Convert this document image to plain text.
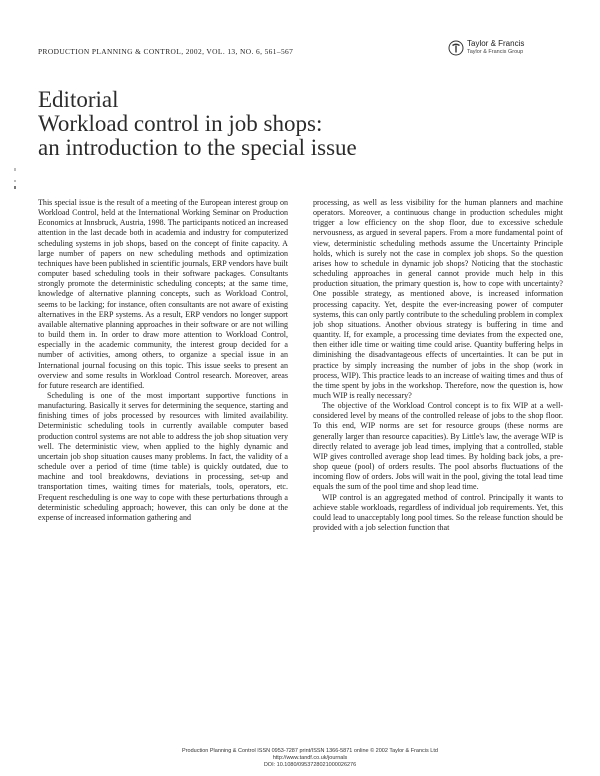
PRODUCTION PLANNING & CONTROL, 2002, VOL. 13, NO. 6, 561–567
Taylor & Francis
Taylor & Francis Group
Editorial
Workload control in job shops:
an introduction to the special issue

This special issue is the result of a meeting of the European interest group on Workload Control, held at the International Working Seminar on Production Economics at Innsbruck, Austria, 1998. The participants noticed an increased attention in the last decade both in academia and industry for computerized scheduling systems in job shops, based on the concept of finite capacity. A large number of papers on new scheduling methods and optimization techniques have been published in scientific journals, ERP vendors have built computer based scheduling tools in their software packages. Consultants strongly promote the deterministic scheduling concepts; at the same time, knowledge of alternative planning concepts, such as Workload Control, seems to be lacking; for instance, often consultants are not aware of existing alternatives in the ERP systems. As a result, ERP vendors no longer support available alternative planning approaches in their software or are not willing to build them in. In order to draw more attention to Workload Control, especially in the academic community, the interest group decided for a number of activities, among others, to organize a special issue in an International journal focusing on this topic. This issue seeks to present an overview and some results in Workload Control research. Moreover, areas for future research are identified.

Scheduling is one of the most important supportive functions in manufacturing. Basically it serves for determining the sequence, starting and finishing times of jobs processed by resources with limited availability. Deterministic scheduling tools in currently available computer based production control systems are not able to address the job shop situation very well. The deterministic view, when applied to the highly dynamic and uncertain job shop situation causes many problems. In fact, the validity of a schedule over a period of time (time table) is quickly outdated, due to machine and tool breakdowns, deviations in processing, set-up and transportation times, waiting times for materials, tools, operators, etc. Frequent rescheduling is one way to cope with these perturbations through a deterministic scheduling approach; however, this can only be done at the expense of increased information gathering and

processing, as well as less visibility for the human planners and machine operators. Moreover, a continuous change in production schedules might trigger a low efficiency on the shop floor, due to excessive schedule nervousness, as argued in several papers. From a more fundamental point of view, deterministic scheduling methods assume the Uncertainty Principle holds, which is surely not the case in complex job shops. So the question arises how to schedule in dynamic job shops? Noticing that the stochastic scheduling approaches in general cannot provide much help in this production situation, the primary question is, how to cope with uncertainty? One possible strategy, as mentioned above, is increased information processing capacity. Yet, despite the ever-increasing power of computer systems, this can only partly contribute to the scheduling problem in complex job shop situations. Another obvious strategy is buffering in time and quantity. If, for example, a processing time deviates from the expected one, then either idle time or waiting time could arise. Quantity buffering helps in diminishing the disadvantageous effects of uncertainties. It can be put in practice by simply increasing the number of jobs in the shop (work in process, WIP). This practice leads to an increase of waiting times and thus of the time spent by jobs in the workshop. Therefore, now the question is, how much WIP is really necessary?

The objective of the Workload Control concept is to fix WIP at a well-considered level by means of the controlled release of jobs to the shop floor. To this end, WIP norms are set for resource groups (these norms are generally larger than resource capacities). By Little's law, the average WIP is directly related to average job lead times, implying that a controlled, stable WIP gives controlled average shop lead times. By holding back jobs, a pre-shop queue (pool) of orders results. The pool absorbs fluctuations of the incoming flow of orders. Jobs will wait in the pool, giving the total lead time equals the sum of the pool time and shop lead time.

WIP control is an aggregated method of control. Principally it wants to achieve stable workloads, regardless of individual job requirements. Yet, this could lead to unacceptably long pool times. So the release function should be provided with a job selection function that

Production Planning & Control ISSN 0953-7287 print/ISSN 1366-5871 online © 2002 Taylor & Francis Ltd
http://www.tandf.co.uk/journals
DOI: 10.1080/0953728021000026276
